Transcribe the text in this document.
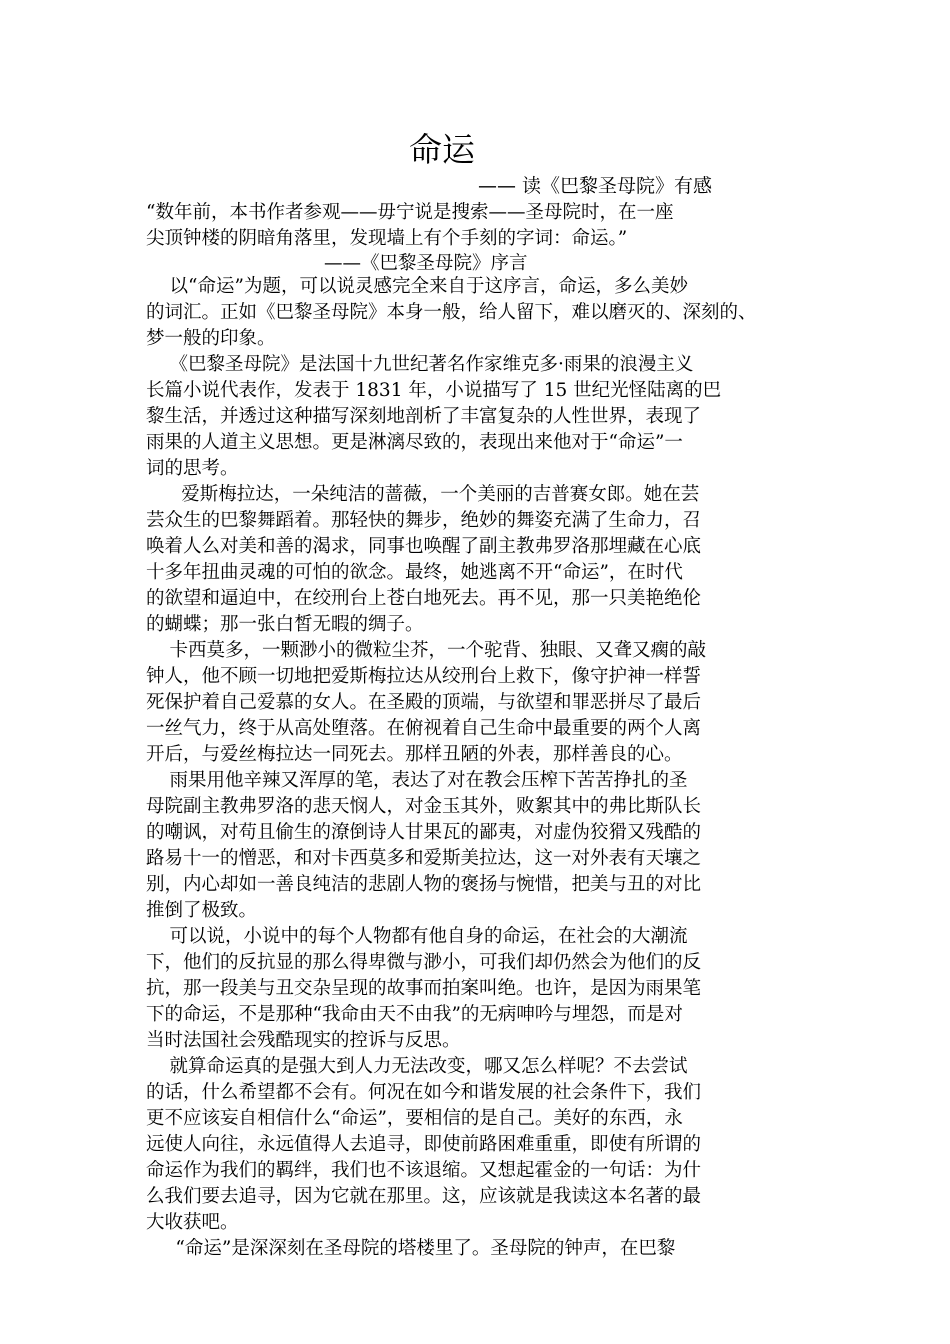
命运
—— 读《巴黎圣母院》有感
“数年前，本书作者参观——毋宁说是搜索——圣母院时，在一座
尖顶钟楼的阴暗角落里，发现墙上有个手刻的字词：命运。”
——《巴黎圣母院》序言
以“命运”为题，可以说灵感完全来自于这序言，命运，多么美妙
的词汇。正如《巴黎圣母院》本身一般，给人留下，难以磨灭的、深刻的、
梦一般的印象。
《巴黎圣母院》是法国十九世纪著名作家维克多·雨果的浪漫主义
长篇小说代表作，发表于 1831 年，小说描写了 15 世纪光怪陆离的巴
黎生活，并透过这种描写深刻地剖析了丰富复杂的人性世界，表现了
雨果的人道主义思想。更是淋漓尽致的，表现出来他对于“命运”一
词的思考。
爱斯梅拉达，一朵纯洁的蔷薇，一个美丽的吉普赛女郎。她在芸
芸众生的巴黎舞蹈着。那轻快的舞步，绝妙的舞姿充满了生命力，召
唤着人么对美和善的渴求，同事也唤醒了副主教弗罗洛那埋藏在心底
十多年扭曲灵魂的可怕的欲念。最终，她逃离不开“命运”，在时代
的欲望和逼迫中，在绞刑台上苍白地死去。再不见，那一只美艳绝伦
的蝴蝶；那一张白皙无暇的绸子。
卡西莫多，一颗渺小的微粒尘芥，一个驼背、独眼、又聋又瘸的敲
钟人，他不顾一切地把爱斯梅拉达从绞刑台上救下，像守护神一样誓
死保护着自己爱慕的女人。在圣殿的顶端，与欲望和罪恶拼尽了最后
一丝气力，终于从高处堕落。在俯视着自己生命中最重要的两个人离
开后，与爱丝梅拉达一同死去。那样丑陋的外表，那样善良的心。
雨果用他辛辣又浑厚的笔，表达了对在教会压榨下苦苦挣扎的圣
母院副主教弗罗洛的悲天悯人，对金玉其外，败絮其中的弗比斯队长
的嘲讽，对苟且偷生的潦倒诗人甘果瓦的鄙夷，对虚伪狡猾又残酷的
路易十一的憎恶，和对卡西莫多和爱斯美拉达，这一对外表有天壤之
别，内心却如一善良纯洁的悲剧人物的褒扬与惋惜，把美与丑的对比
推倒了极致。
可以说，小说中的每个人物都有他自身的命运，在社会的大潮流
下，他们的反抗显的那么得卑微与渺小，可我们却仍然会为他们的反
抗，那一段美与丑交杂呈现的故事而拍案叫绝。也许，是因为雨果笔
下的命运，不是那种“我命由天不由我”的无病呻吟与埋怨，而是对
当时法国社会残酷现实的控诉与反思。
就算命运真的是强大到人力无法改变，哪又怎么样呢？不去尝试
的话，什么希望都不会有。何况在如今和谐发展的社会条件下，我们
更不应该妄自相信什么“命运”，要相信的是自己。美好的东西，永
远使人向往，永远值得人去追寻，即使前路困难重重，即使有所谓的
命运作为我们的羁绊，我们也不该退缩。又想起霍金的一句话：为什
么我们要去追寻，因为它就在那里。这，应该就是我读这本名著的最
大收获吧。
“命运”是深深刻在圣母院的塔楼里了。圣母院的钟声，在巴黎
